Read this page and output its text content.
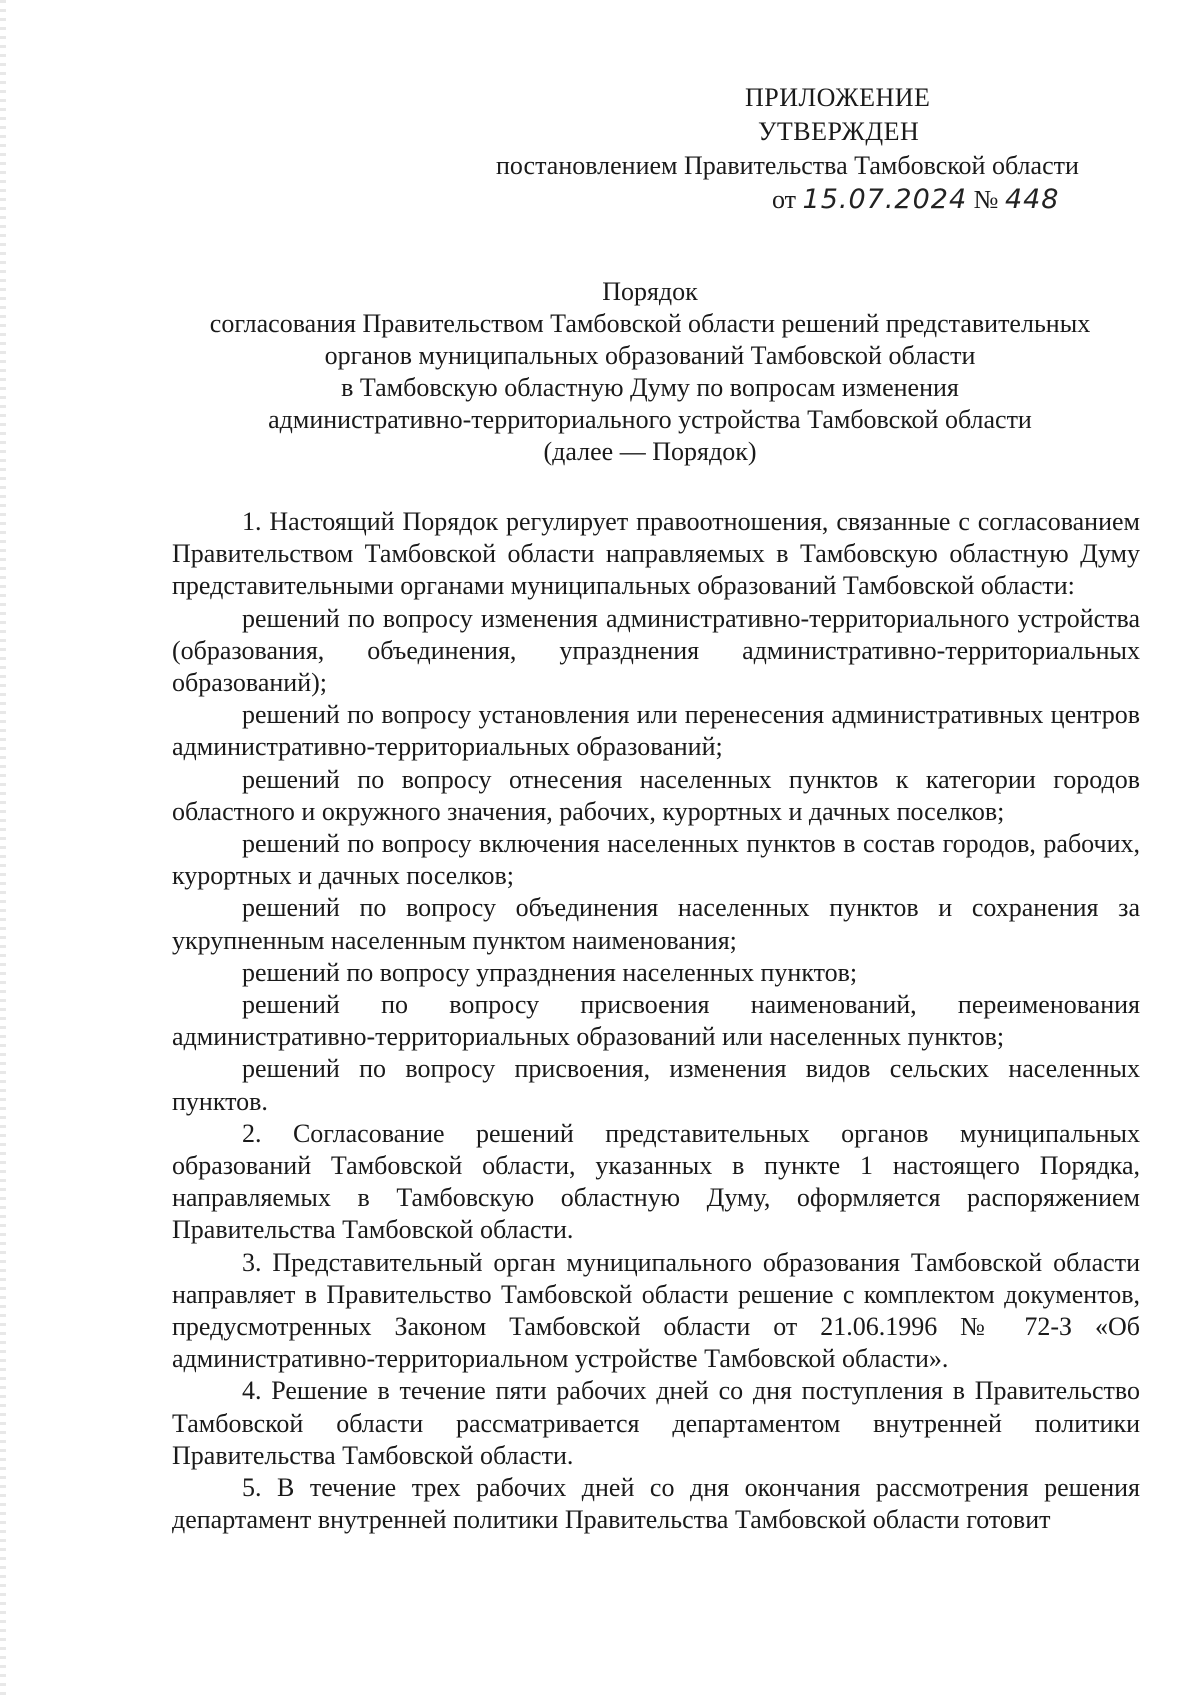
ПРИЛОЖЕНИЕ
УТВЕРЖДЕН
постановлением Правительства Тамбовской области
от 15.07.2024 № 448
Порядок
согласования Правительством Тамбовской области решений представительных
органов муниципальных образований Тамбовской области
в Тамбовскую областную Думу по вопросам изменения
административно-территориального устройства Тамбовской области
(далее — Порядок)

1. Настоящий Порядок регулирует правоотношения, связанные с согласованием Правительством Тамбовской области направляемых в Тамбовскую областную Думу представительными органами муниципальных образований Тамбовской области:

решений по вопросу изменения административно-территориального устройства (образования, объединения, упразднения административно-территориальных образований);

решений по вопросу установления или перенесения административных центров административно-территориальных образований;

решений по вопросу отнесения населенных пунктов к категории городов областного и окружного значения, рабочих, курортных и дачных поселков;

решений по вопросу включения населенных пунктов в состав городов, рабочих, курортных и дачных поселков;

решений по вопросу объединения населенных пунктов и сохранения за укрупненным населенным пунктом наименования;

решений по вопросу упразднения населенных пунктов;

решений по вопросу присвоения наименований, переименования административно-территориальных образований или населенных пунктов;

решений по вопросу присвоения, изменения видов сельских населенных пунктов.

2. Согласование решений представительных органов муниципальных образований Тамбовской области, указанных в пункте 1 настоящего Порядка, направляемых в Тамбовскую областную Думу, оформляется распоряжением Правительства Тамбовской области.

3. Представительный орган муниципального образования Тамбовской области направляет в Правительство Тамбовской области решение с комплектом документов, предусмотренных Законом Тамбовской области от 21.06.1996 № 72-З «Об административно-территориальном устройстве Тамбовской области».

4. Решение в течение пяти рабочих дней со дня поступления в Правительство Тамбовской области рассматривается департаментом внутренней политики Правительства Тамбовской области.

5. В течение трех рабочих дней со дня окончания рассмотрения решения департамент внутренней политики Правительства Тамбовской области готовит
